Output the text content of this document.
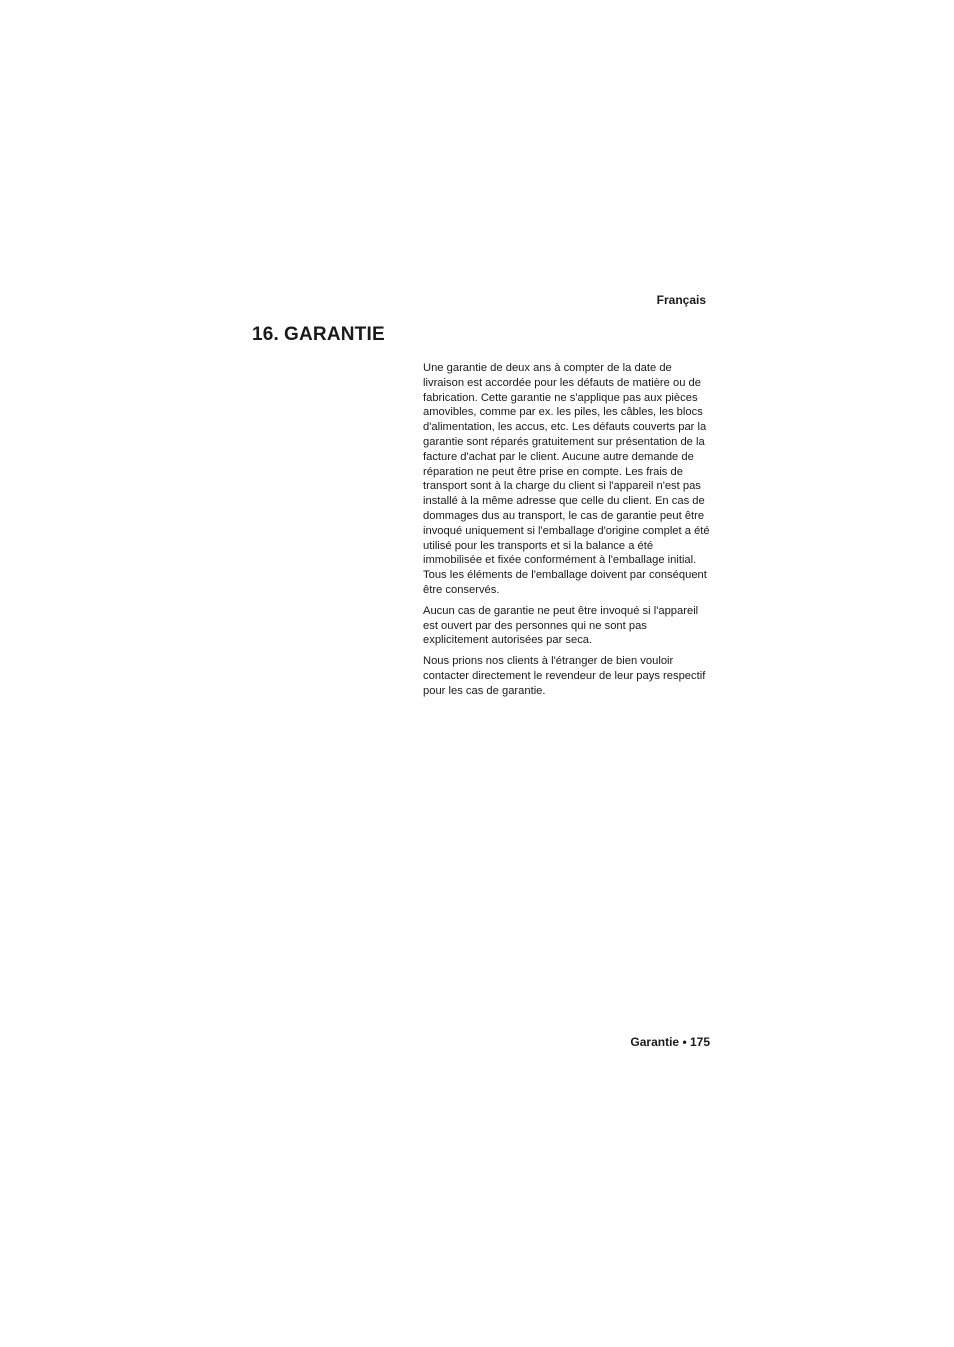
Français
16. GARANTIE

Une garantie de deux ans à compter de la date de livraison est accordée pour les défauts de matière ou de fabrication. Cette garantie ne s'applique pas aux pièces amovibles, comme par ex. les piles, les câbles, les blocs d'alimentation, les accus, etc. Les défauts couverts par la garantie sont réparés gratuitement sur présentation de la facture d'achat par le client. Aucune autre demande de réparation ne peut être prise en compte. Les frais de transport sont à la charge du client si l'appareil n'est pas installé à la même adresse que celle du client. En cas de dommages dus au transport, le cas de garantie peut être invoqué uniquement si l'emballage d'origine complet a été utilisé pour les transports et si la balance a été immobilisée et fixée conformément à l'emballage initial. Tous les éléments de l'emballage doivent par conséquent être conservés.

Aucun cas de garantie ne peut être invoqué si l'appareil est ouvert par des personnes qui ne sont pas explicitement autorisées par seca.

Nous prions nos clients à l'étranger de bien vouloir contacter directement le revendeur de leur pays respectif pour les cas de garantie.

Garantie • 175
